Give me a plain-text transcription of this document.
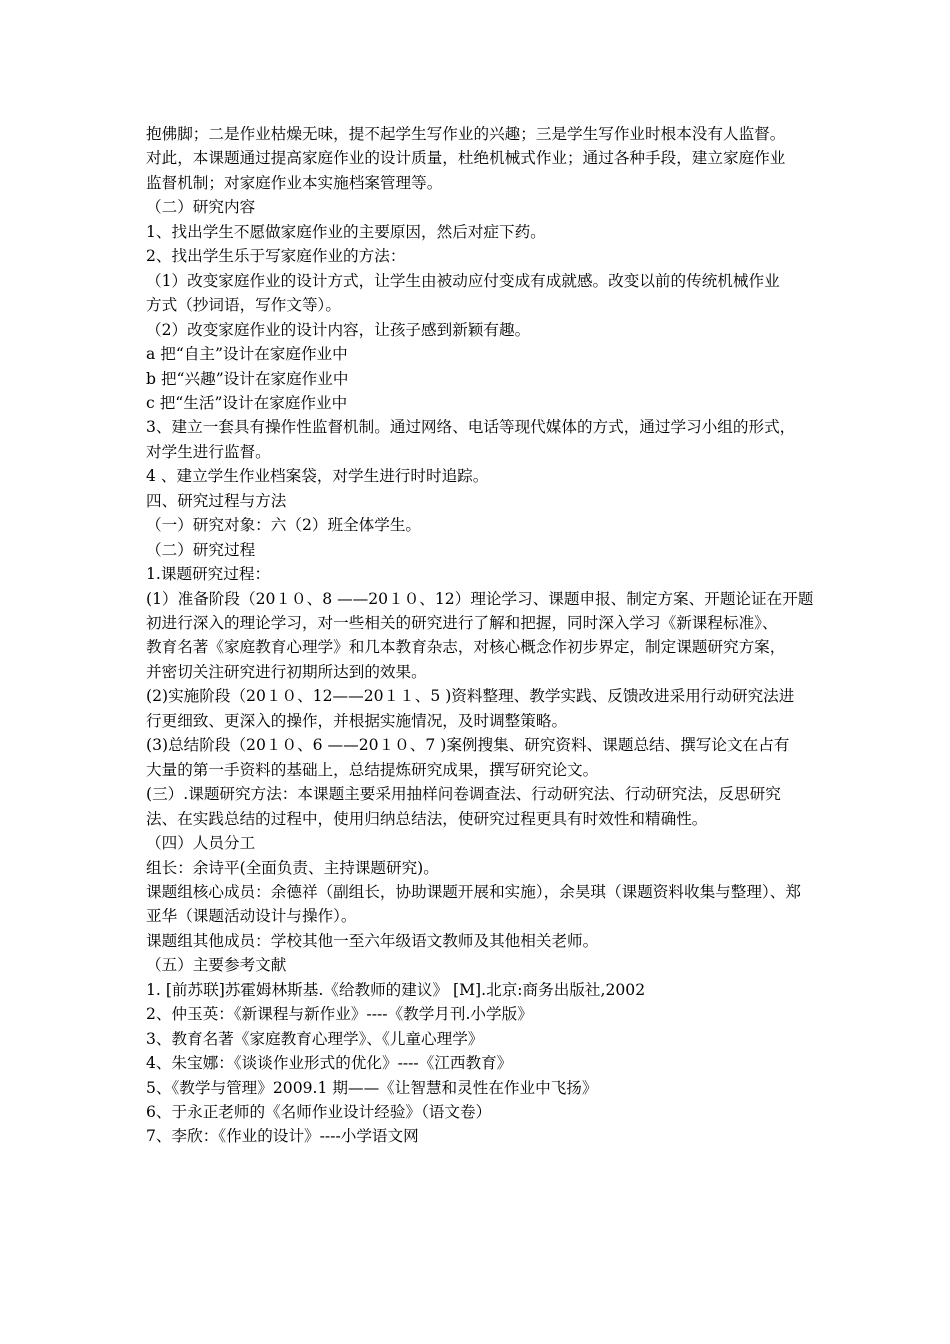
抱佛脚；二是作业枯燥无味，提不起学生写作业的兴趣；三是学生写作业时根本没有人监督。

对此，本课题通过提高家庭作业的设计质量，杜绝机械式作业；通过各种手段，建立家庭作业

监督机制；对家庭作业本实施档案管理等。

（二）研究内容

1、找出学生不愿做家庭作业的主要原因，然后对症下药。

2、找出学生乐于写家庭作业的方法：

（1）改变家庭作业的设计方式，让学生由被动应付变成有成就感。改变以前的传统机械作业

方式（抄词语，写作文等）。

（2）改变家庭作业的设计内容，让孩子感到新颖有趣。

a 把“自主”设计在家庭作业中

b 把“兴趣”设计在家庭作业中

c 把“生活”设计在家庭作业中

3、建立一套具有操作性监督机制。通过网络、电话等现代媒体的方式，通过学习小组的形式，

对学生进行监督。

4 、建立学生作业档案袋，对学生进行时时追踪。

四、研究过程与方法

（一）研究对象：六（2）班全体学生。

（二）研究过程

1.课题研究过程：

(1）准备阶段（20１０、8 ——20１０、12）理论学习、课题申报、制定方案、开题论证在开题

初进行深入的理论学习，对一些相关的研究进行了解和把握，同时深入学习《新课程标准》、

教育名著《家庭教育心理学》和几本教育杂志，对核心概念作初步界定，制定课题研究方案，

并密切关注研究进行初期所达到的效果。

(2)实施阶段（20１０、12——20１１、5 )资料整理、教学实践、反馈改进采用行动研究法进

行更细致、更深入的操作，并根据实施情况，及时调整策略。

(3)总结阶段（20１０、6 ——20１０、7 )案例搜集、研究资料、课题总结、撰写论文在占有

大量的第一手资料的基础上，总结提炼研究成果，撰写研究论文。

(三）.课题研究方法：本课题主要采用抽样问卷调查法、行动研究法、行动研究法，反思研究

法、在实践总结的过程中，使用归纳总结法，使研究过程更具有时效性和精确性。

（四）人员分工

组长：余诗平(全面负责、主持课题研究)。

课题组核心成员：余德祥（副组长，协助课题开展和实施），余昊琪（课题资料收集与整理）、郑

亚华（课题活动设计与操作）。

课题组其他成员：学校其他一至六年级语文教师及其他相关老师。

（五）主要参考文献

1. [前苏联]苏霍姆林斯基.《给教师的建议》 [M].北京:商务出版社,2002

2、仲玉英：《新课程与新作业》----《教学月刊.小学版》

3、教育名著《家庭教育心理学》、《儿童心理学》

4、朱宝娜：《谈谈作业形式的优化》----《江西教育》

5、《教学与管理》2009.1 期——《让智慧和灵性在作业中飞扬》

6、于永正老师的《名师作业设计经验》（语文卷）

7、李欣：《作业的设计》----小学语文网
